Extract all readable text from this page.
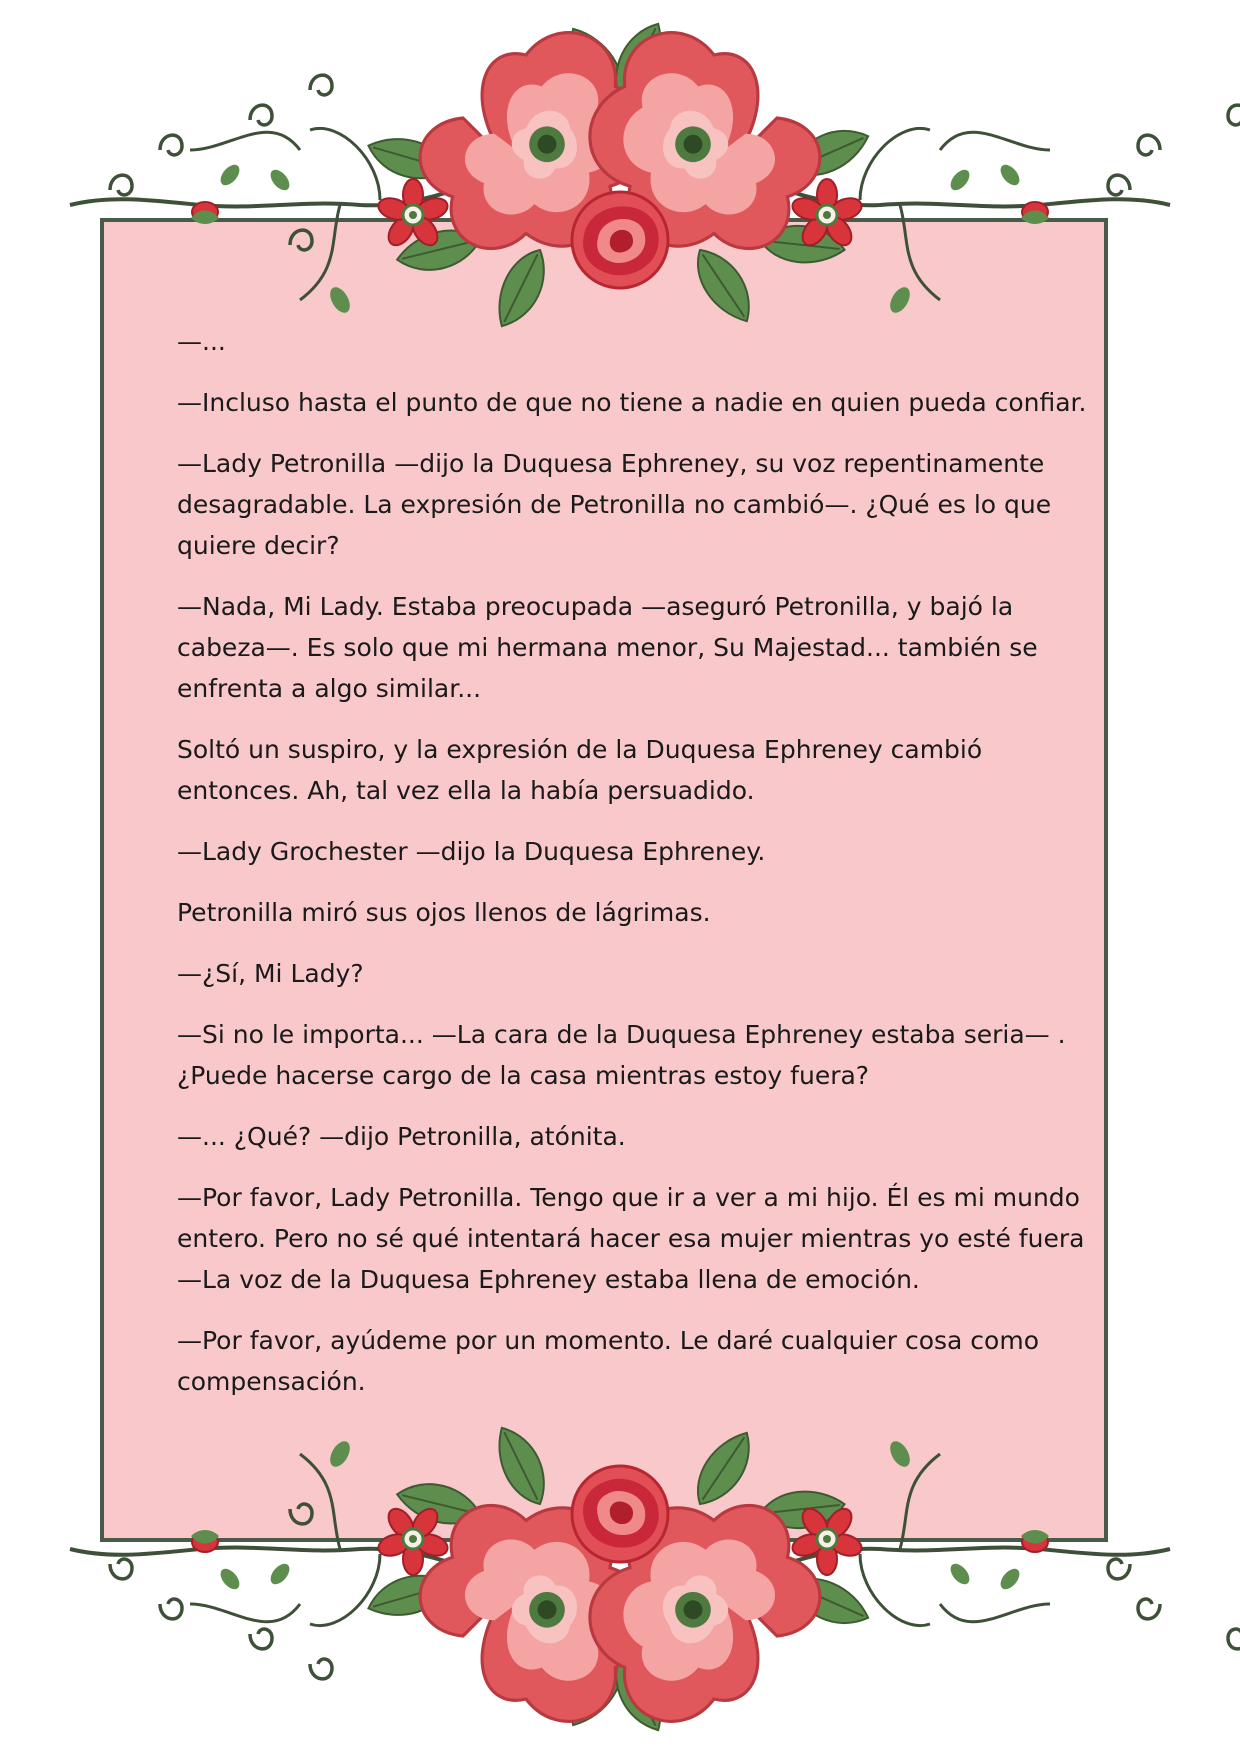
—...

—Incluso hasta el punto de que no tiene a nadie en quien pueda confiar.

—Lady Petronilla —dijo la Duquesa Ephreney, su voz repentinamente desagradable. La expresión de Petronilla no cambió—. ¿Qué es lo que quiere decir?

—Nada, Mi Lady. Estaba preocupada —aseguró Petronilla, y bajó la cabeza—. Es solo que mi hermana menor, Su Majestad... también se enfrenta a algo similar...

Soltó un suspiro, y la expresión de la Duquesa Ephreney cambió entonces. Ah, tal vez ella la había persuadido.

—Lady Grochester —dijo la Duquesa Ephreney.

Petronilla miró sus ojos llenos de lágrimas.

—¿Sí, Mi Lady?

—Si no le importa... —La cara de la Duquesa Ephreney estaba seria— . ¿Puede hacerse cargo de la casa mientras estoy fuera?

—... ¿Qué? —dijo Petronilla, atónita.

—Por favor, Lady Petronilla. Tengo que ir a ver a mi hijo. Él es mi mundo entero. Pero no sé qué intentará hacer esa mujer mientras yo esté fuera —La voz de la Duquesa Ephreney estaba llena de emoción.

—Por favor, ayúdeme por un momento. Le daré cualquier cosa como compensación.
